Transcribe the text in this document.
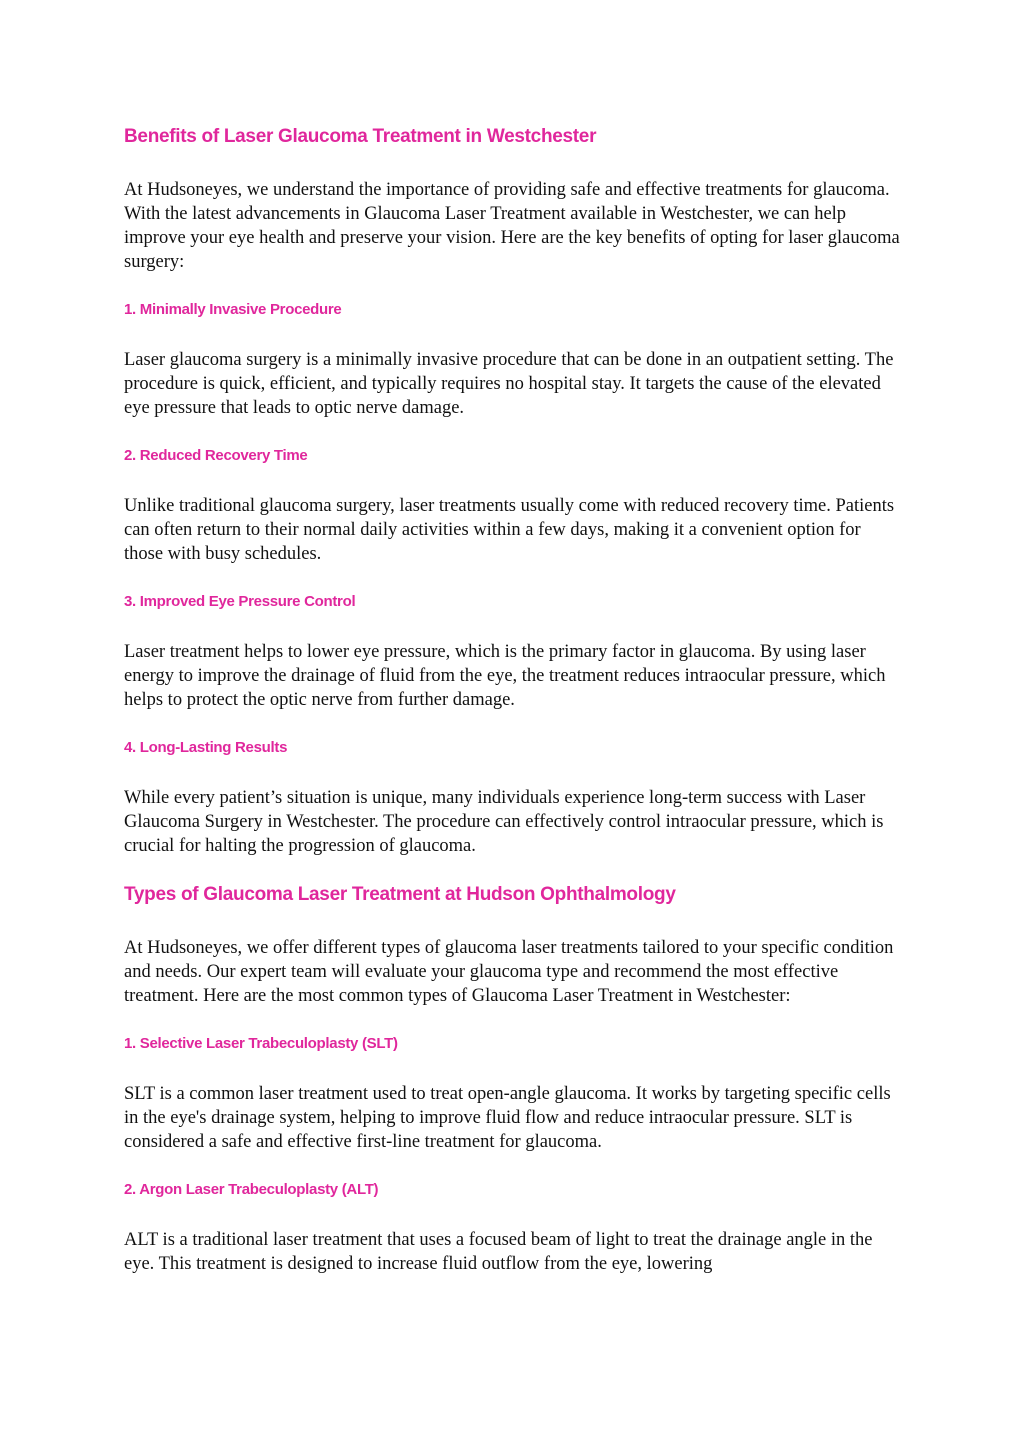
Benefits of Laser Glaucoma Treatment in Westchester

At Hudsoneyes, we understand the importance of providing safe and effective treatments for glaucoma. With the latest advancements in Glaucoma Laser Treatment available in Westchester, we can help improve your eye health and preserve your vision. Here are the key benefits of opting for laser glaucoma surgery:

1. Minimally Invasive Procedure

Laser glaucoma surgery is a minimally invasive procedure that can be done in an outpatient setting. The procedure is quick, efficient, and typically requires no hospital stay. It targets the cause of the elevated eye pressure that leads to optic nerve damage.

2. Reduced Recovery Time

Unlike traditional glaucoma surgery, laser treatments usually come with reduced recovery time. Patients can often return to their normal daily activities within a few days, making it a convenient option for those with busy schedules.

3. Improved Eye Pressure Control

Laser treatment helps to lower eye pressure, which is the primary factor in glaucoma. By using laser energy to improve the drainage of fluid from the eye, the treatment reduces intraocular pressure, which helps to protect the optic nerve from further damage.

4. Long-Lasting Results

While every patient’s situation is unique, many individuals experience long-term success with Laser Glaucoma Surgery in Westchester. The procedure can effectively control intraocular pressure, which is crucial for halting the progression of glaucoma.

Types of Glaucoma Laser Treatment at Hudson Ophthalmology

At Hudsoneyes, we offer different types of glaucoma laser treatments tailored to your specific condition and needs. Our expert team will evaluate your glaucoma type and recommend the most effective treatment. Here are the most common types of Glaucoma Laser Treatment in Westchester:

1. Selective Laser Trabeculoplasty (SLT)

SLT is a common laser treatment used to treat open-angle glaucoma. It works by targeting specific cells in the eye's drainage system, helping to improve fluid flow and reduce intraocular pressure. SLT is considered a safe and effective first-line treatment for glaucoma.

2. Argon Laser Trabeculoplasty (ALT)

ALT is a traditional laser treatment that uses a focused beam of light to treat the drainage angle in the eye. This treatment is designed to increase fluid outflow from the eye, lowering
